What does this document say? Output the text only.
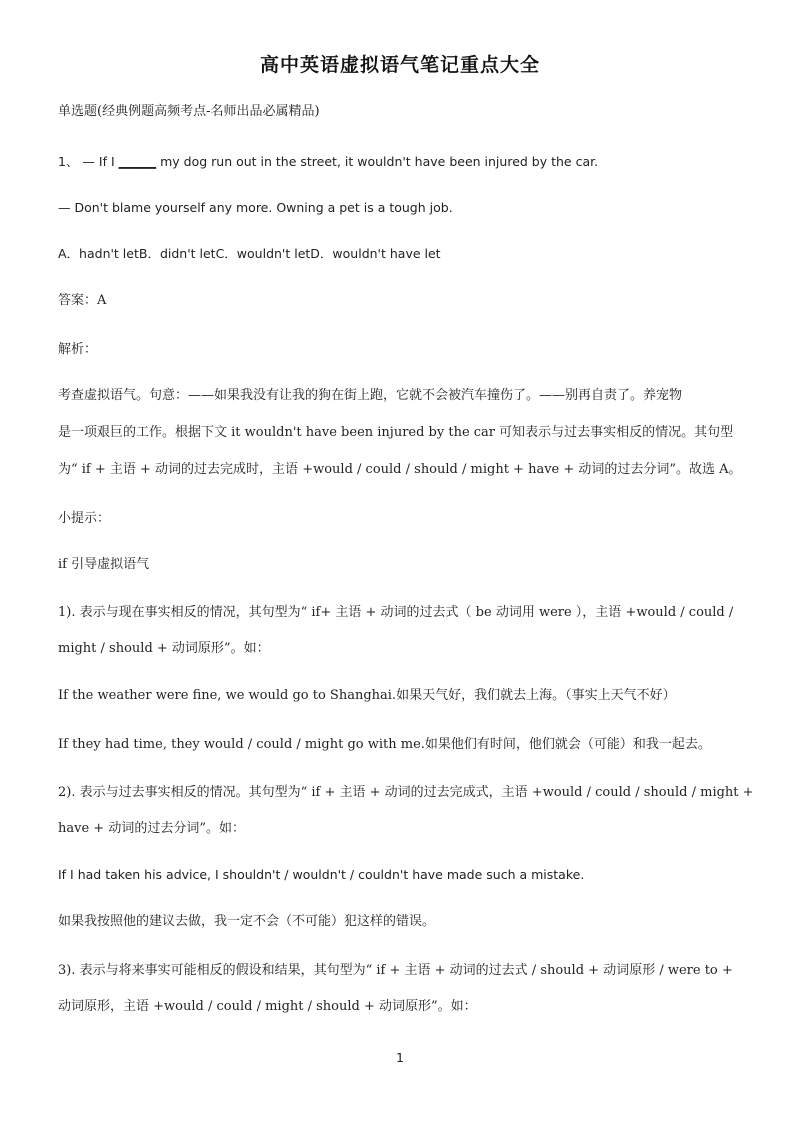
高中英语虚拟语气笔记重点大全
单选题(经典例题高频考点-名师出品必属精品)
1、 — If I ______ my dog run out in the street, it wouldn't have been injured by the car.
— Don't blame yourself any more. Owning a pet is a tough job.
A．hadn't letB．didn't letC．wouldn't letD．wouldn't have let
答案：A
解析：
考查虚拟语气。句意：——如果我没有让我的狗在街上跑，它就不会被汽车撞伤了。——别再自责了。养宠物
是一项艰巨的工作。根据下文 it wouldn't have been injured by the car 可知表示与过去事实相反的情况。其句型
为“ if + 主语 + 动词的过去完成时，主语 +would / could / should / might + have + 动词的过去分词”。故选 A。
小提示：
if 引导虚拟语气
1). 表示与现在事实相反的情况，其句型为“ if+ 主语 + 动词的过去式（ be 动词用 were ），主语 +would / could /
might / should + 动词原形”。如：
If the weather were fine, we would go to Shanghai.如果天气好，我们就去上海。（事实上天气不好）
If they had time, they would / could / might go with me.如果他们有时间，他们就会（可能）和我一起去。
2). 表示与过去事实相反的情况。其句型为“ if + 主语 + 动词的过去完成式，主语 +would / could / should / might +
have + 动词的过去分词”。如：
If I had taken his advice, I shouldn't / wouldn't / couldn't have made such a mistake.
如果我按照他的建议去做，我一定不会（不可能）犯这样的错误。
3). 表示与将来事实可能相反的假设和结果，其句型为“ if + 主语 + 动词的过去式 / should + 动词原形 / were to +
动词原形，主语 +would / could / might / should + 动词原形”。如：
1
